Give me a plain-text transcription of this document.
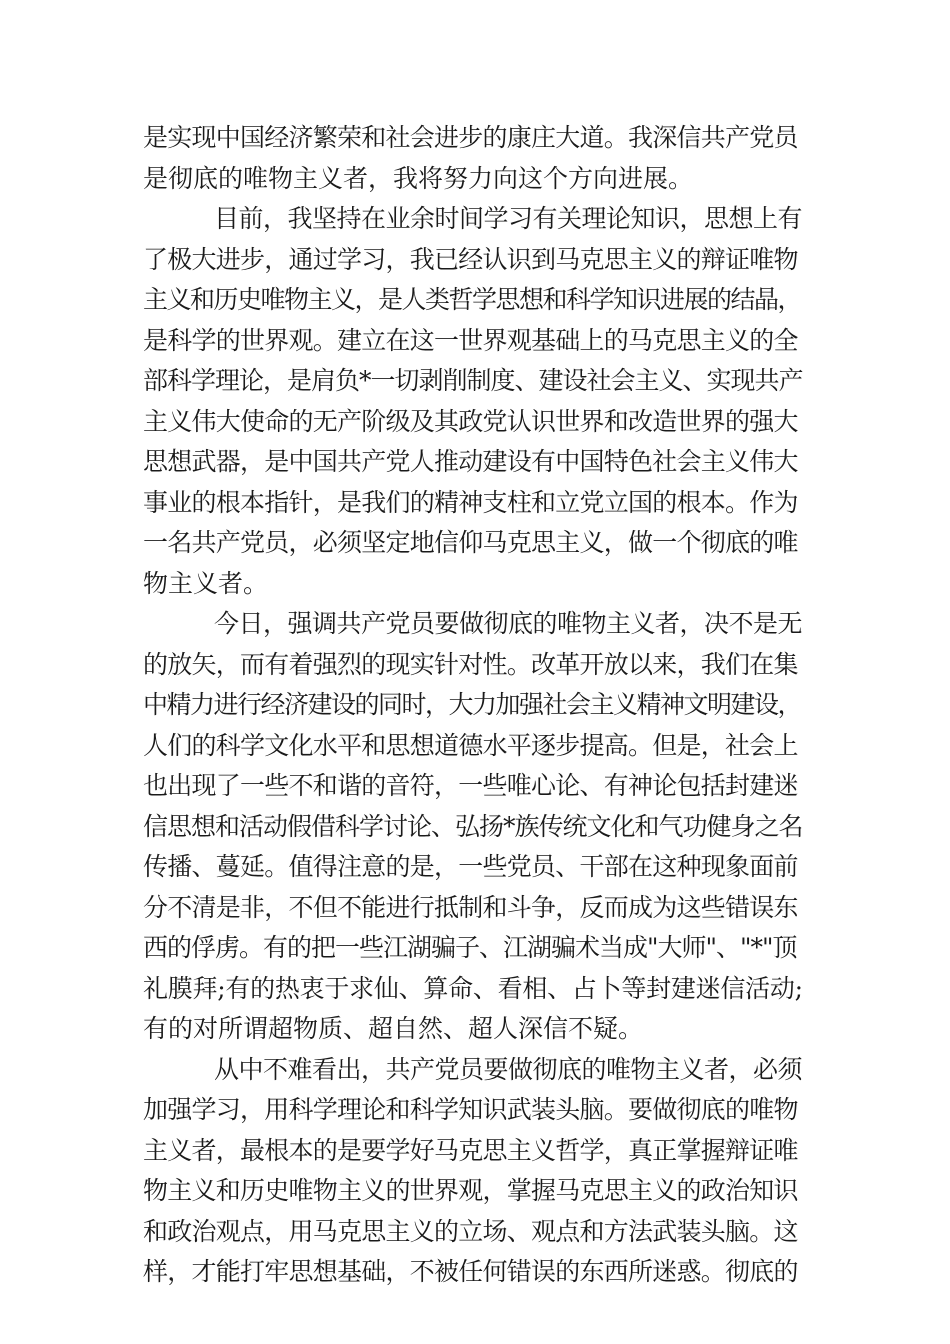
是实现中国经济繁荣和社会进步的康庄大道。我深信共产党员
是彻底的唯物主义者，我将努力向这个方向进展。
目前，我坚持在业余时间学习有关理论知识，思想上有
了极大进步，通过学习，我已经认识到马克思主义的辩证唯物
主义和历史唯物主义，是人类哲学思想和科学知识进展的结晶，
是科学的世界观。建立在这一世界观基础上的马克思主义的全
部科学理论，是肩负*一切剥削制度、建设社会主义、实现共产
主义伟大使命的无产阶级及其政党认识世界和改造世界的强大
思想武器，是中国共产党人推动建设有中国特色社会主义伟大
事业的根本指针，是我们的精神支柱和立党立国的根本。作为
一名共产党员，必须坚定地信仰马克思主义，做一个彻底的唯
物主义者。
今日，强调共产党员要做彻底的唯物主义者，决不是无
的放矢，而有着强烈的现实针对性。改革开放以来，我们在集
中精力进行经济建设的同时，大力加强社会主义精神文明建设，
人们的科学文化水平和思想道德水平逐步提高。但是，社会上
也出现了一些不和谐的音符，一些唯心论、有神论包括封建迷
信思想和活动假借科学讨论、弘扬*族传统文化和气功健身之名
传播、蔓延。值得注意的是，一些党员、干部在这种现象面前
分不清是非，不但不能进行抵制和斗争，反而成为这些错误东
西的俘虏。有的把一些江湖骗子、江湖骗术当成"大师"、"*"顶
礼膜拜;有的热衷于求仙、算命、看相、占卜等封建迷信活动;
有的对所谓超物质、超自然、超人深信不疑。
从中不难看出，共产党员要做彻底的唯物主义者，必须
加强学习，用科学理论和科学知识武装头脑。要做彻底的唯物
主义者，最根本的是要学好马克思主义哲学，真正掌握辩证唯
物主义和历史唯物主义的世界观，掌握马克思主义的政治知识
和政治观点，用马克思主义的立场、观点和方法武装头脑。这
样，才能打牢思想基础，不被任何错误的东西所迷惑。彻底的
